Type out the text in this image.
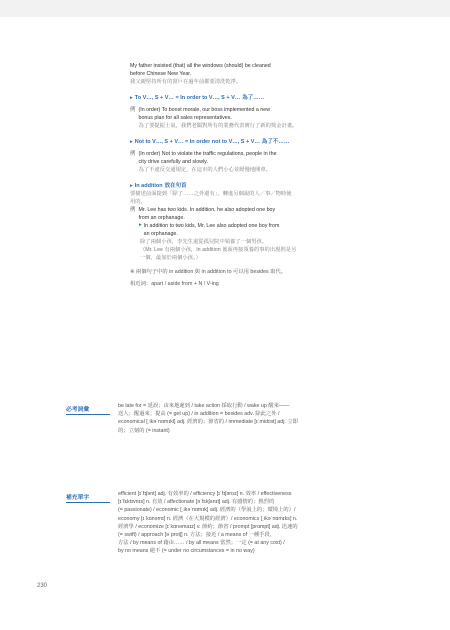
My father insisted (that) all the windows (should) be cleaned
before Chinese New Year.
我父親堅持所有的窗戶在過年前都要清洗乾淨。
▸ To V…, S + V… = In order to V…, S + V… 為了……
例 (In order) To boost morale, our boss implemented a new
bonus plan for all sales representatives.
為了要提振士氣，我們老闆對所有的業務代表實行了新的獎金計畫。
▸ Not to V…, S + V… = In order not to V…, S + V… 為了不……
例 (In order) Not to violate the traffic regulations, people in the
city drive carefully and slowly.
為了不違反交通規定，在這市的人們小心並緩慢地開車。
▸ In addition 放在句首
要描述前面提到「除了……之外還有」，轉進另個說的人／事／物時使
用的。
例 Mr. Lee has two kids. In addition, he also adopted one boy
from an orphanage.
▸ In addition to two kids, Mr. Lee also adopted one boy from
an orphanage.
除了兩個小孩，李先生還從孤兒院中領養了一個男孩。
（Mr. Lee 有兩個小孩，In addition 後面再接領養的事的出現則是另
一個，最加於兩個小孩。）
※ 兩個句子中的 in addition 與 in addition to 可以用 besides 取代。
相近詞：apart / aside from + N / V-ing
必考詞彙
be late for = 延誤；由來地遲到 / take action 採取行動 / wake up 醒來——
送人；醒過來；提高 (= get up) / in addition = besides adv. 除此之外 /
economical [ˌikəˈnɑmɪkl] adj. 經濟的；節省的 / immediate [ɪˈmidɪət] adj. 立即
的；立刻的 (= instant)
補充單字
efficient [ɪˈfɪʃənt] adj. 有效率的 / efficiency [ɪˈfɪʃənsɪ] n. 效率 / effectiveness
[ɪˈfɛktɪvnɪs] n. 有效 / affectionate [əˈfɛkʃənɪt] adj. 有感情的；熱烈的
(= passionate) / economic [ˌikəˈnɑmɪk] adj. 經濟的（學說上的；環境上的）/
economy [ɪˈkɑnəmɪ] n. 經濟（在大規模的經濟）/ economics [ˌikəˈnɑmɪks] n.
經濟學 / economize [ɪˈkɑnəmaɪz] v. 節約；節省 / prompt [prɑmpt] adj. 迅速的
(= swift) / approach [əˈprotʃ] n. 方法；接近 / a means of 一種手段、
方法 / by means of 藉由…… / by all means 當然；一定 (= at any cost) /
by no means 絕不 (= under no circumstances = in no way)
230
